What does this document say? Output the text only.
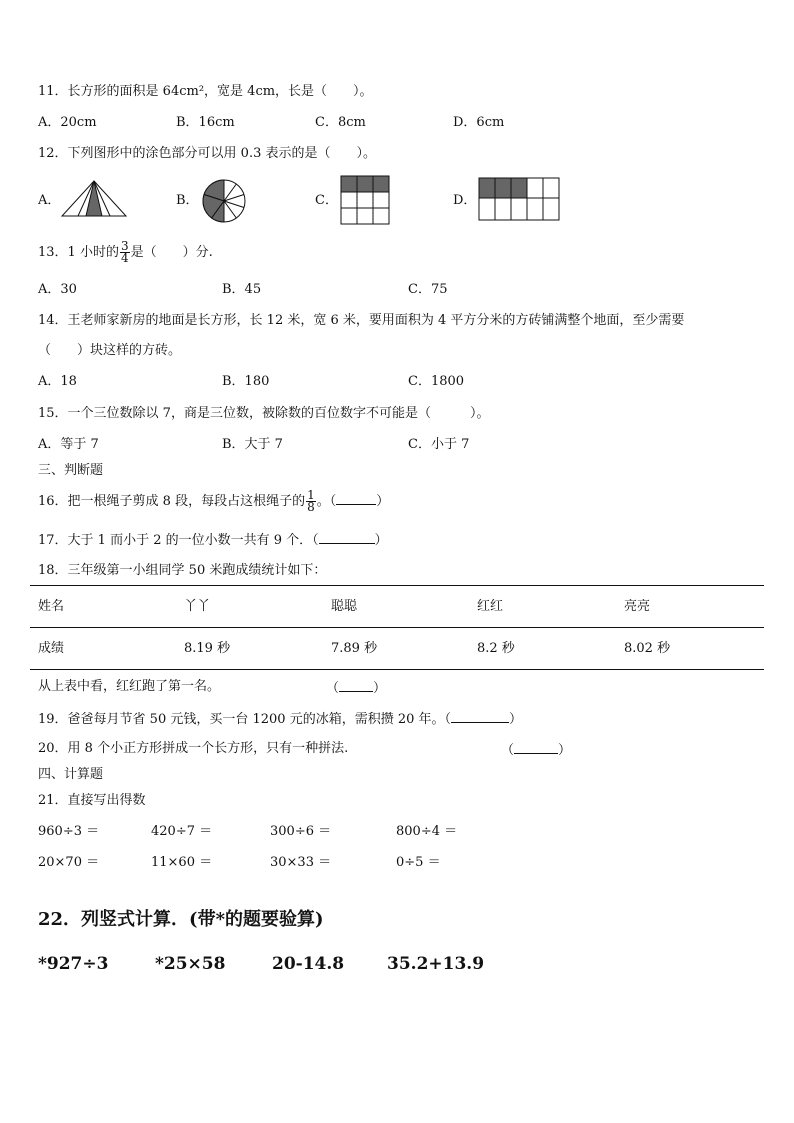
11．长方形的面积是 64cm²，宽是 4cm，长是（　　）。
A．20cm	B．16cm	C．8cm	D．6cm
12．下列图形中的涂色部分可以用 0.3 表示的是（　　）。
A．	B．	C．	D．
13．1 小时的 $\frac{3}{4}$ 是（　　）分.
A．30	B．45	C．75
14．王老师家新房的地面是长方形，长 12 米，宽 6 米，要用面积为 4 平方分米的方砖铺满整个地面，至少需要
（　　）块这样的方砖。
A．18	B．180	C．1800
15．一个三位数除以 7，商是三位数，被除数的百位数字不可能是（　　　）。
A．等于 7	B．大于 7	C．小于 7
三、判断题
16．把一根绳子剪成 8 段，每段占这根绳子的 $\frac{1}{8}$ 。（	）
17．大于 1 而小于 2 的一位小数一共有 9 个．（	）
18．三年级第一小组同学 50 米跑成绩统计如下：
姓名	丫丫	聪聪	红红	亮亮
成绩	8.19 秒	7.89 秒	8.2 秒	8.02 秒
从上表中看，红红跑了第一名。	（	）
19．爸爸每月节省 50 元钱，买一台 1200 元的冰箱，需积攒 20 年。（	）
20．用 8 个小正方形拼成一个长方形，只有一种拼法.	（	）
四、计算题
21．直接写出得数
960÷3 ＝	420÷7 ＝	300÷6 ＝	800÷4 ＝
20×70 ＝	11×60 ＝	30×33 ＝	0÷5 ＝
22．列竖式计算．(带*的题要验算)
*927÷3	*25×58	20-14.8	35.2+13.9
